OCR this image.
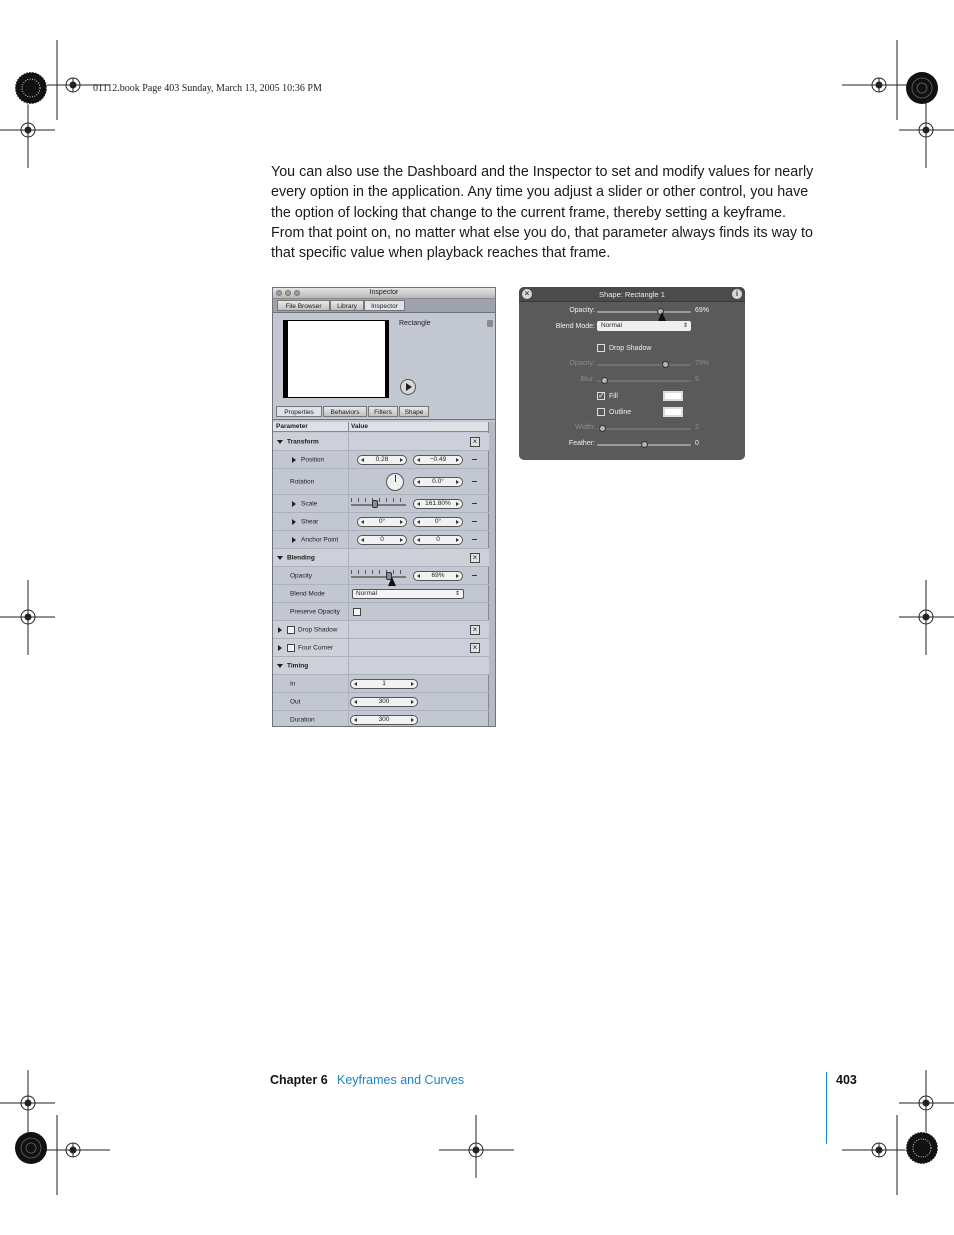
01112.book Page 403 Sunday, March 13, 2005 10:36 PM
You can also use the Dashboard and the Inspector to set and modify values for nearly
every option in the application. Any time you adjust a slider or other control, you have
the option of locking that change to the current frame, thereby setting a keyframe.
From that point on, no matter what else you do, that parameter always finds its way to
that specific value when playback reaches that frame.
Inspector
File Browser	Library	Inspector
Rectangle
Properties	Behaviors	Filters	Shape
Parameter	Value
Transform	×
Position	0.28	−0.49
Rotation	0.0°
Scale	161.80%
Shear	0°	0°
Anchor Point	0	0
Blending	×
Opacity	69%
Blend Mode	Normal	⇕
Preserve Opacity
Drop Shadow	×
Four Corner	×
Timing
In	1
Out	300
Duration	300
×	Shape: Rectangle 1	i
Opacity:	69%
Blend Mode: Normal	⇕
Drop Shadow
Opacity:	75%
Blur:	5
✓ Fill
Outline
Width:	2
Feather:	0
Chapter 6 Keyframes and Curves	403
